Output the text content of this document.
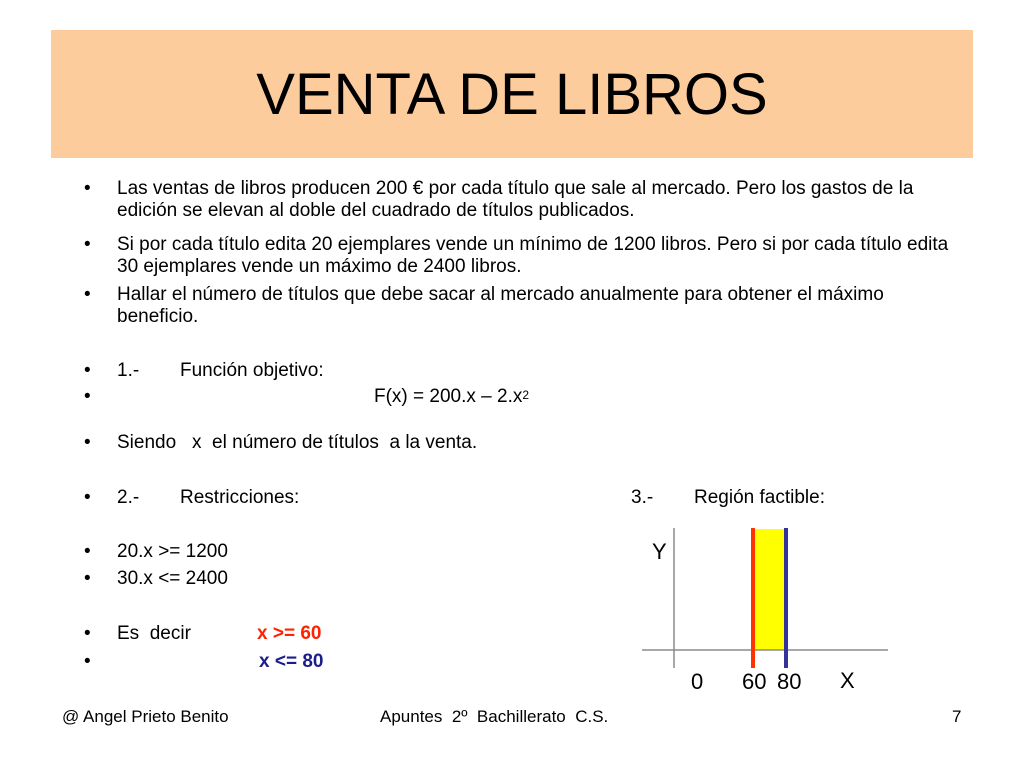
VENTA DE LIBROS
• Las ventas de libros producen 200 € por cada título que sale al mercado. Pero los gastos de la edición se elevan al doble del cuadrado de títulos publicados.
• Si por cada título edita 20 ejemplares vende un mínimo de 1200 libros. Pero si por cada título edita 30 ejemplares vende un máximo de 2400 libros.
• Hallar el número de títulos que debe sacar al mercado anualmente para obtener el máximo beneficio.
• 1.- Función objetivo:
•	$F(x) = 200.x - 2.x^2$
• Siendo   x  el número de títulos  a la venta.
• 2.- Restricciones:	3.- Región factible:
• 20.x >= 1200
• 30.x <= 2400
• Es  decir	x >= 60
•	x <= 80
Y
X
0 60 80
@ Angel Prieto Benito	Apuntes  2º  Bachillerato  C.S.	7
